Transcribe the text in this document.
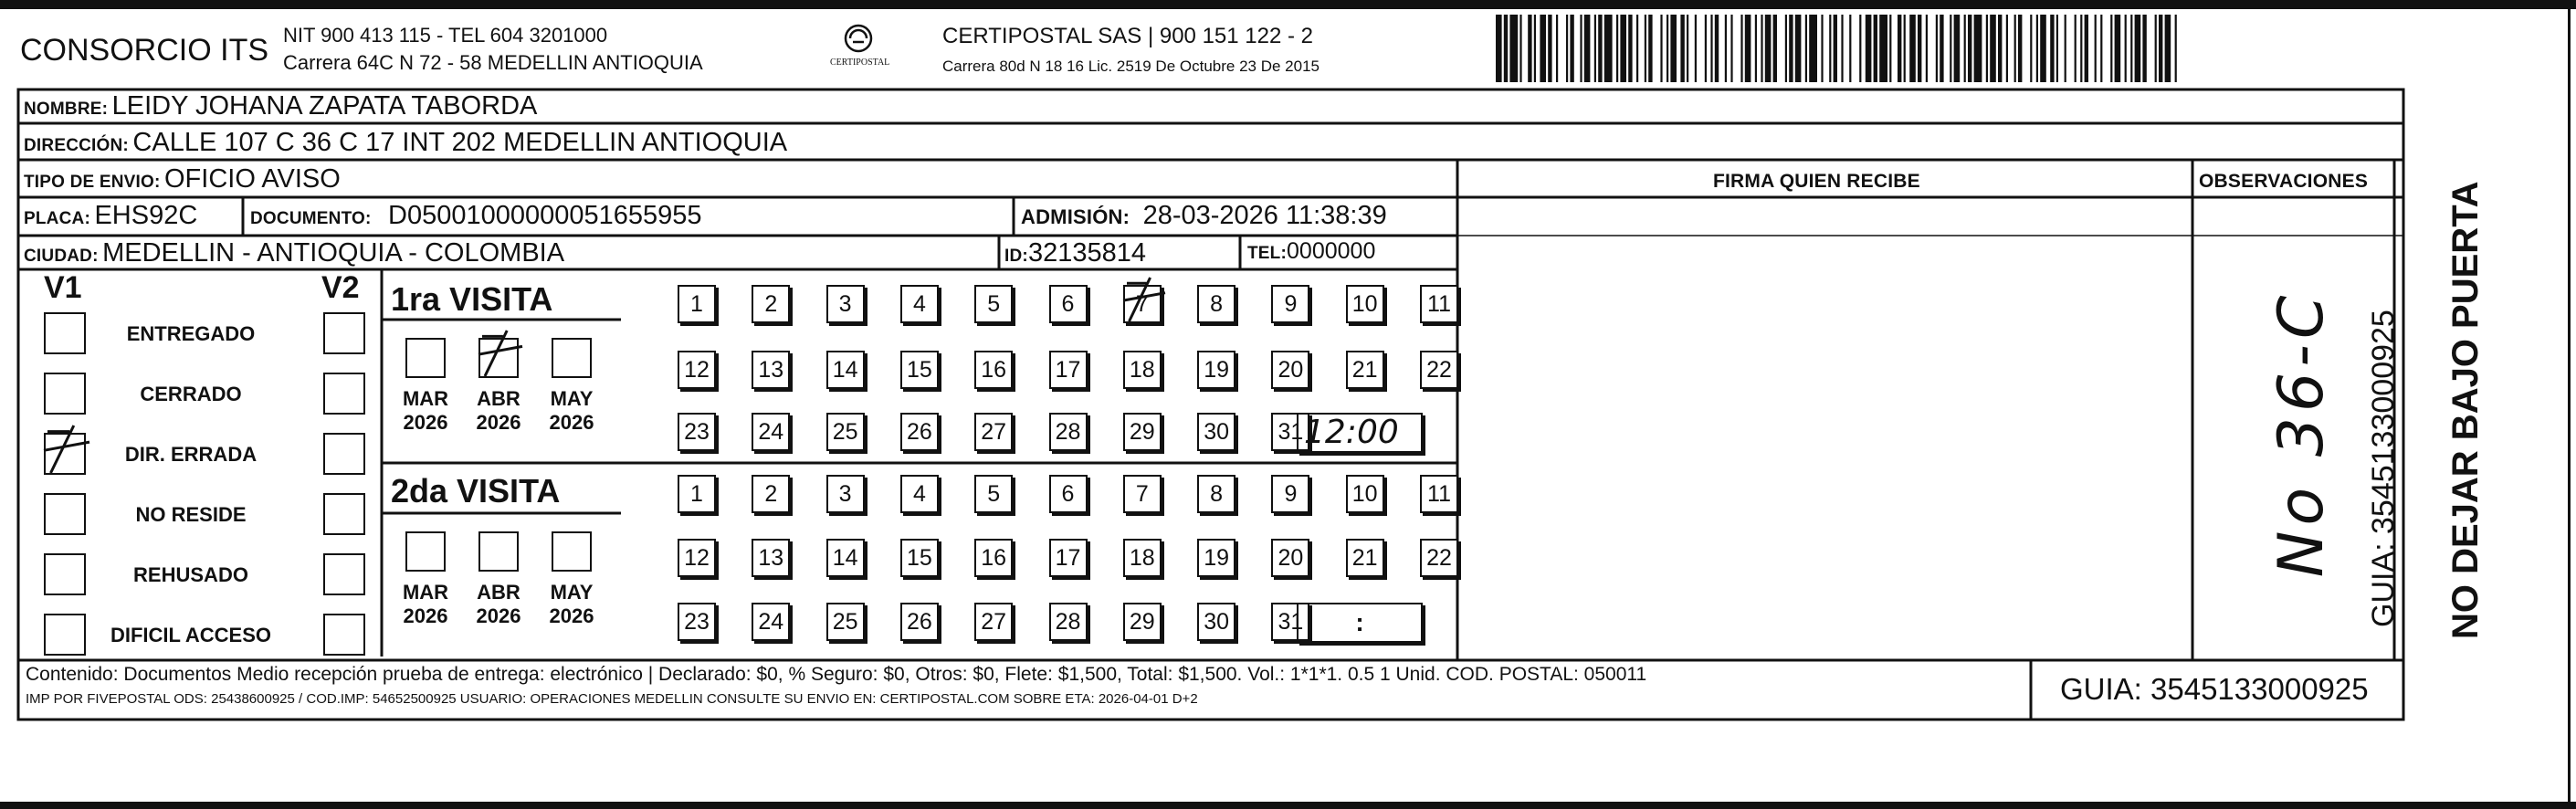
CONSORCIO ITS NIT 900 413 115 - TEL 604 3201000
Carrera 64C N 72 - 58 MEDELLIN ANTIOQUIA	CERTIPOSTAL
CERTIPOSTAL SAS | 900 151 122 - 2
Carrera 80d N 18 16 Lic. 2519 De Octubre 23 De 2015
NOMBRE: LEIDY JOHANA ZAPATA TABORDA
DIRECCIÓN: CALLE 107 C 36 C 17 INT 202 MEDELLIN ANTIOQUIA
TIPO DE ENVIO: OFICIO AVISO
PLACA: EHS92C	DOCUMENTO: D05001000000051655955	ADMISIÓN: 28-03-2026 11:38:39
CIUDAD: MEDELLIN - ANTIOQUIA - COLOMBIA	ID:32135814	TEL:0000000
FIRMA QUIEN RECIBE	OBSERVACIONES
V1	V2
ENTREGADO
CERRADO
DIR. ERRADA
NO RESIDE
REHUSADO
DIFICIL ACCESO
1ra VISITA
2da VISITA
MAR
2026
ABR
2026
MAY
2026
MAR
2026
ABR
2026
MAY
2026
1	2	3	4	5	6	7	8	9 10 11
12 13 14 15 16 17 18 19 20 21 22
23 24 25 26 27 28 29 30 31
1	2	3	4	5	6	7	8	9 10 11
12 13 14 15 16 17 18 19 20 21 22
23 24 25 26 27 28 29 30 31
12:00
:
No 36-C	NO DEJAR BAJO PUERTA
GUIA: 3545133000925
Contenido: Documentos Medio recepción prueba de entrega: electrónico | Declarado: $0, % Seguro: $0, Otros: $0, Flete: $1,500, Total: $1,500. Vol.: 1*1*1. 0.5 1 Unid. COD. POSTAL: 050011
IMP POR FIVEPOSTAL ODS: 25438600925 / COD.IMP: 54652500925 USUARIO: OPERACIONES MEDELLIN CONSULTE SU ENVIO EN: CERTIPOSTAL.COM SOBRE ETA: 2026-04-01 D+2	GUIA: 3545133000925
